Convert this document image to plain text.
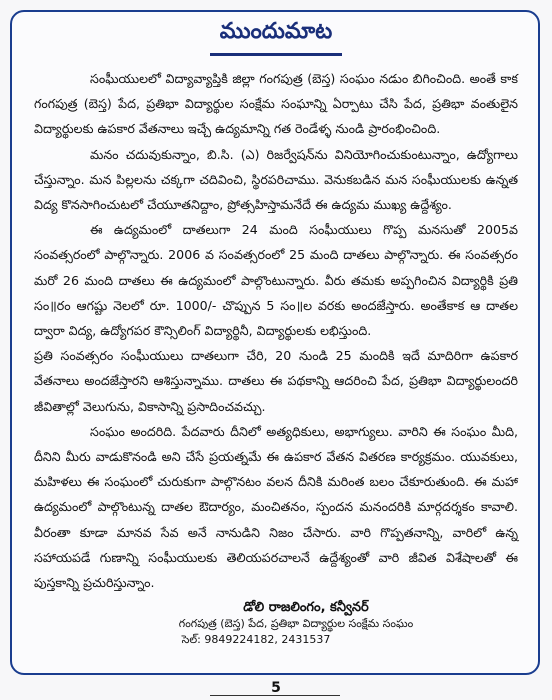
ముందుమాట

సంఘీయులలో విద్యావ్యాప్తికి జిల్లా గంగపుత్ర (బెస్త) సంఘం నడుం బిగించింది. అంతే కాక గంగపుత్ర (బెస్త) పేద, ప్రతిభా విద్యార్థుల సంక్షేమ సంఘాన్ని ఏర్పాటు చేసి పేద, ప్రతిభా వంతులైన విద్యార్థులకు ఉపకార వేతనాలు ఇచ్చే ఉద్యమాన్ని గత రెండేళ్ళ నుండి ప్రారంభించింది.

మనం చదువుకున్నాం, బి.సి. (ఎ) రిజర్వేషన్‌ను వినియోగించుకుంటున్నాం, ఉద్యోగాలు చేస్తున్నాం. మన పిల్లలను చక్కగా చదివించి, స్థిరపరిచాము. వెనుకబడిన మన సంఘీయులకు ఉన్నత విద్య కొనసాగించుటలో చేయూతనిద్దాం, ప్రోత్సహిస్తామనేదే ఈ ఉద్యమ ముఖ్య ఉద్దేశ్యం.

ఈ ఉద్యమంలో దాతలుగా 24 మంది సంఘీయులు గొప్ప మనసుతో 2005వ సంవత్సరంలో పాల్గొన్నారు. 2006 వ సంవత్సరంలో 25 మంది దాతలు పాల్గొన్నారు. ఈ సంవత్సరం మరో 26 మంది దాతలు ఈ ఉద్యమంలో పాల్గొంటున్నారు. వీరు తమకు అప్పగించిన విద్యార్థికి ప్రతి సం॥రం ఆగష్టు నెలలో రూ. 1000/- చొప్పున 5 సం॥ల వరకు అందజేస్తారు. అంతేకాక ఆ దాతల ద్వారా విద్య, ఉద్యోగపర కౌన్సిలింగ్ విద్యార్థినీ, విద్యార్థులకు లభిస్తుంది.

ప్రతి సంవత్సరం సంఘీయులు దాతలుగా చేరి, 20 నుండి 25 మందికి ఇదే మాదిరిగా ఉపకార వేతనాలు అందజేస్తారని ఆశిస్తున్నాము. దాతలు ఈ పథకాన్ని ఆదరించి పేద, ప్రతిభా విద్యార్థులందరి జీవితాల్లో వెలుగును, వికాసాన్ని ప్రసాదించవచ్చు.

సంఘం అందరిది. పేదవారు దీనిలో అత్యధికులు, అభాగ్యులు. వారిని ఈ సంఘం మీది, దీనిని మీరు వాడుకొనండి అని చేసే ప్రయత్నమే ఈ ఉపకార వేతన వితరణ కార్యక్రమం. యువకులు, మహిళలు ఈ సంఘంలో చురుకుగా పాల్గొనటం వలన దీనికి మరింత బలం చేకూరుతుంది. ఈ మహా ఉద్యమంలో పాల్గొంటున్న దాతల ఔదార్యం, మంచితనం, స్పందన మనందరికి మార్గదర్శకం కావాలి. వీరంతా కూడా మానవ సేవ అనే నానుడిని నిజం చేసారు. వారి గొప్పతనాన్ని, వారిలో ఉన్న సహాయపడే గుణాన్ని సంఘీయులకు తెలియపరచాలనే ఉద్దేశ్యంతో వారి జీవిత విశేషాలతో ఈ పుస్తకాన్ని ప్రచురిస్తున్నాం.

డోలి రాజలింగం, కన్వీనర్
గంగపుత్ర (బెస్త) పేద, ప్రతిభా విద్యార్థుల సంక్షేమ సంఘం
సెల్: 9849224182, 2431537
5
